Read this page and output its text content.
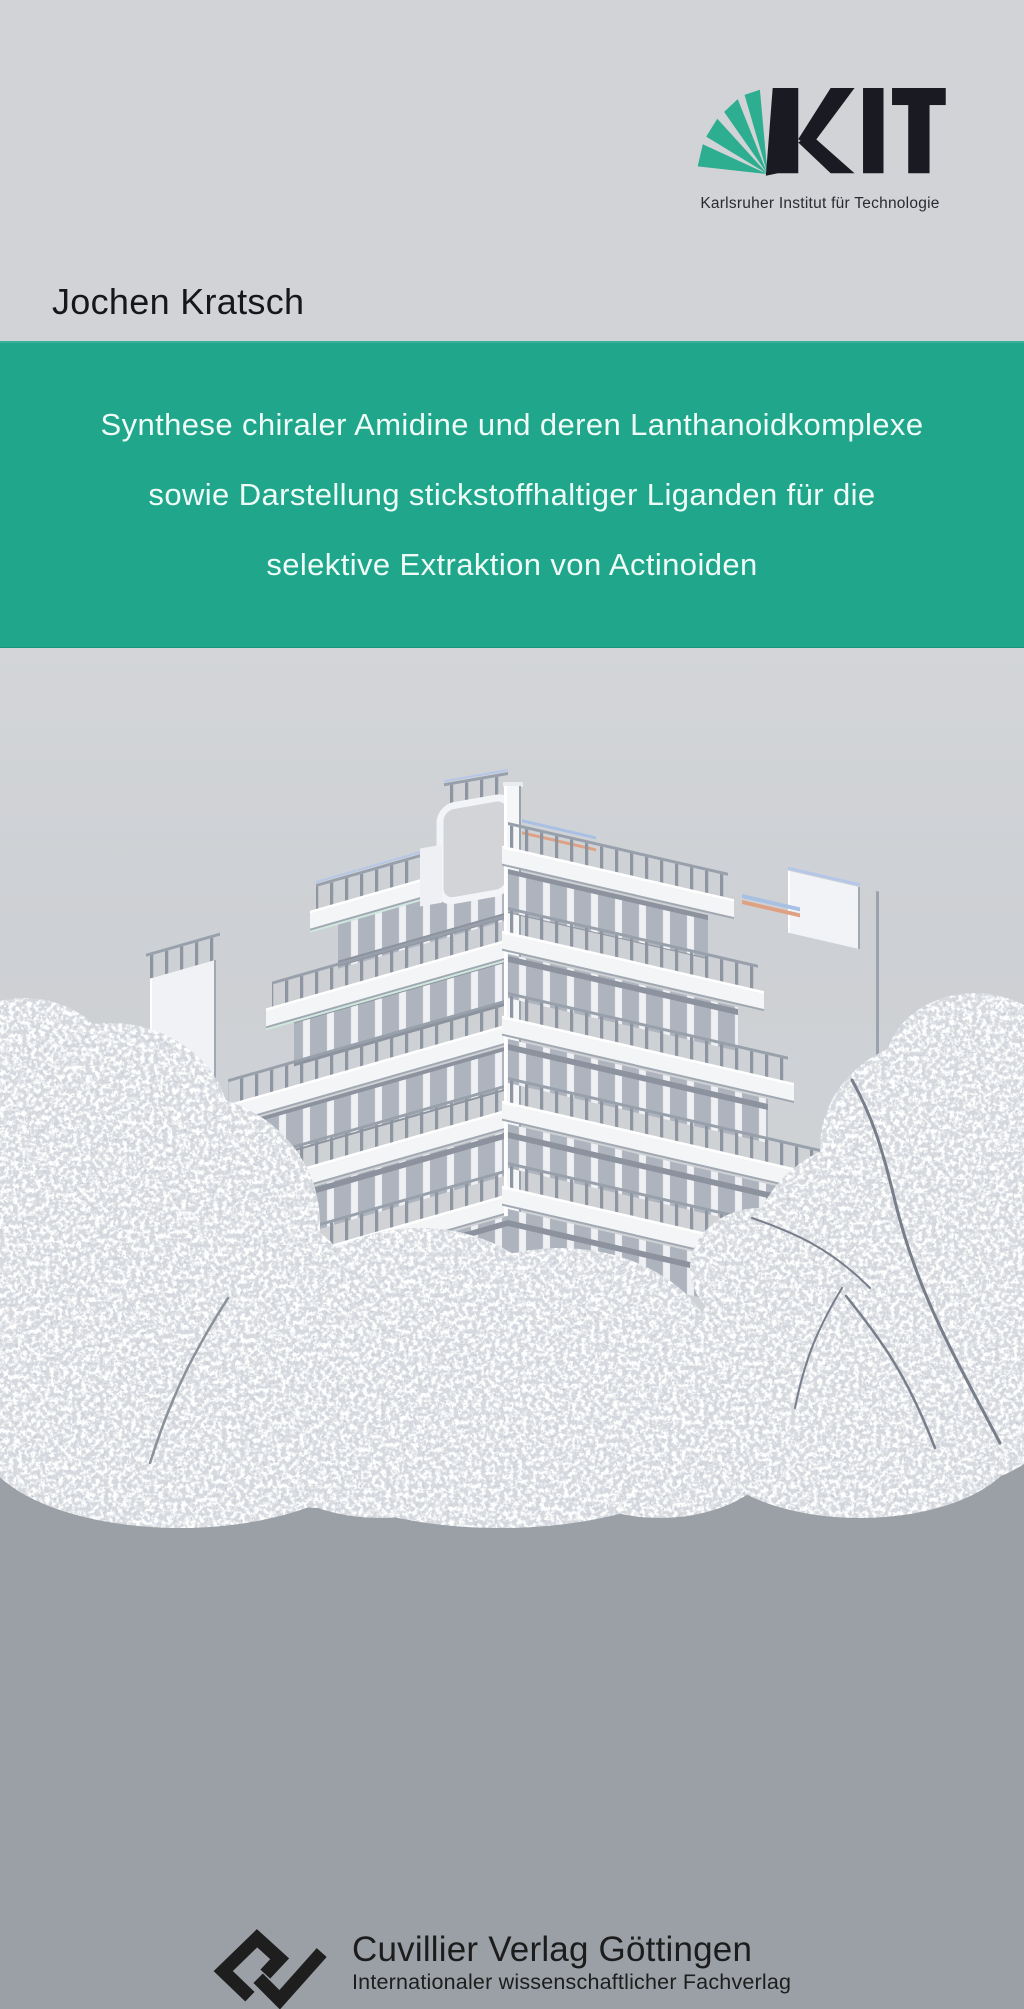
Karlsruher Institut für Technologie
Jochen Kratsch
Synthese chiraler Amidine und deren Lanthanoidkomplexe
sowie Darstellung stickstoffhaltiger Liganden für die
selektive Extraktion von Actinoiden
Cuvillier Verlag Göttingen
Internationaler wissenschaftlicher Fachverlag
